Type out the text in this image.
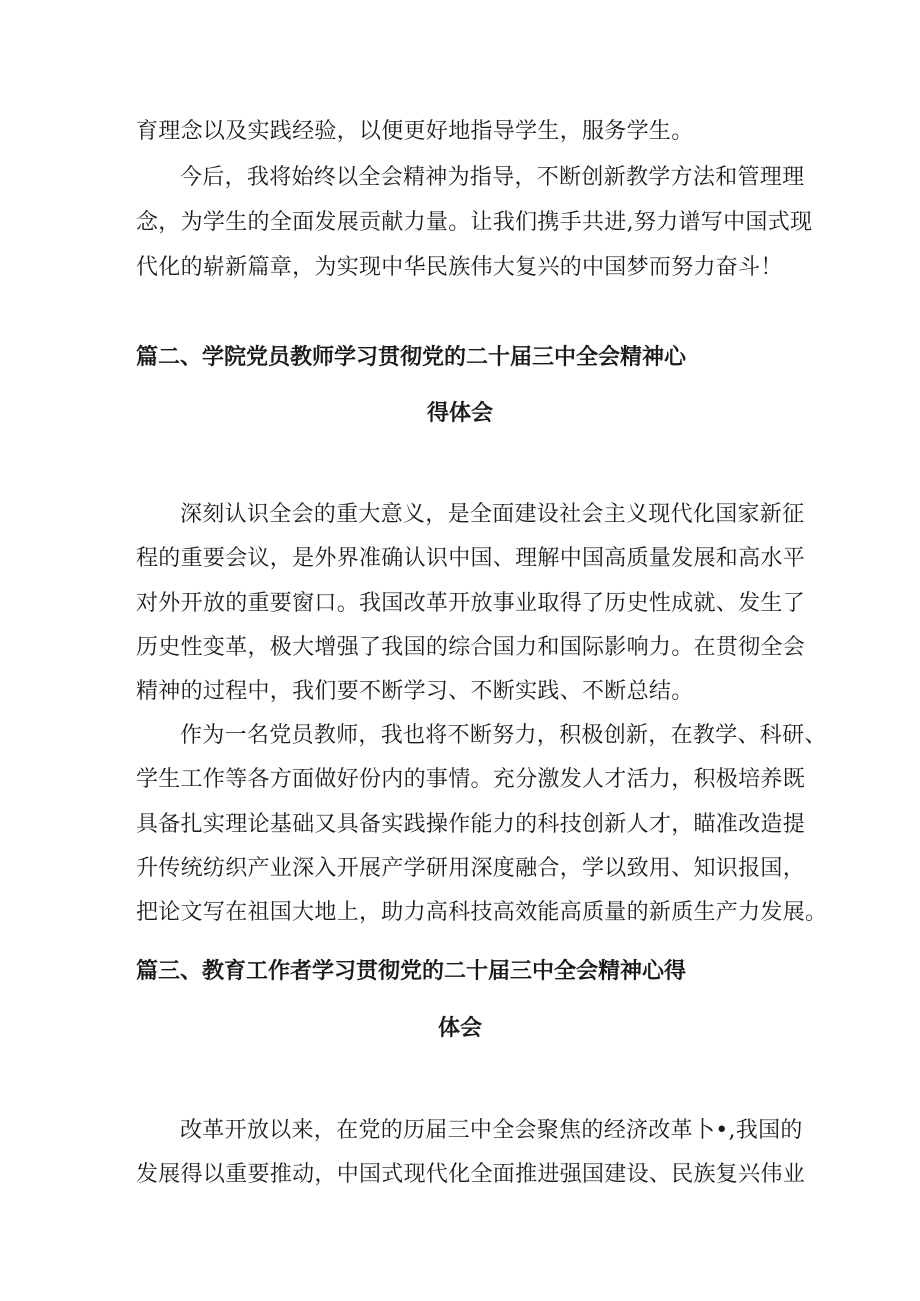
育理念以及实践经验，以便更好地指导学生，服务学生。
今后，我将始终以全会精神为指导，不断创新教学方法和管理理
念，为学生的全面发展贡献力量。让我们携手共进,努力谱写中国式现
代化的崭新篇章，为实现中华民族伟大复兴的中国梦而努力奋斗！
篇二、学院党员教师学习贯彻党的二十届三中全会精神心
得体会
深刻认识全会的重大意义，是全面建设社会主义现代化国家新征
程的重要会议，是外界准确认识中国、理解中国高质量发展和高水平
对外开放的重要窗口。我国改革开放事业取得了历史性成就、发生了
历史性变革，极大增强了我国的综合国力和国际影响力。在贯彻全会
精神的过程中，我们要不断学习、不断实践、不断总结。
作为一名党员教师，我也将不断努力，积极创新，在教学、科研、
学生工作等各方面做好份内的事情。充分激发人才活力，积极培养既
具备扎实理论基础又具备实践操作能力的科技创新人才，瞄准改造提
升传统纺织产业深入开展产学研用深度融合，学以致用、知识报国，
把论文写在祖国大地上，助力高科技高效能高质量的新质生产力发展。
篇三、教育工作者学习贯彻党的二十届三中全会精神心得
体会
改革开放以来，在党的历届三中全会聚焦的经济改革卜•,我国的
发展得以重要推动，中国式现代化全面推进强国建设、民族复兴伟业
